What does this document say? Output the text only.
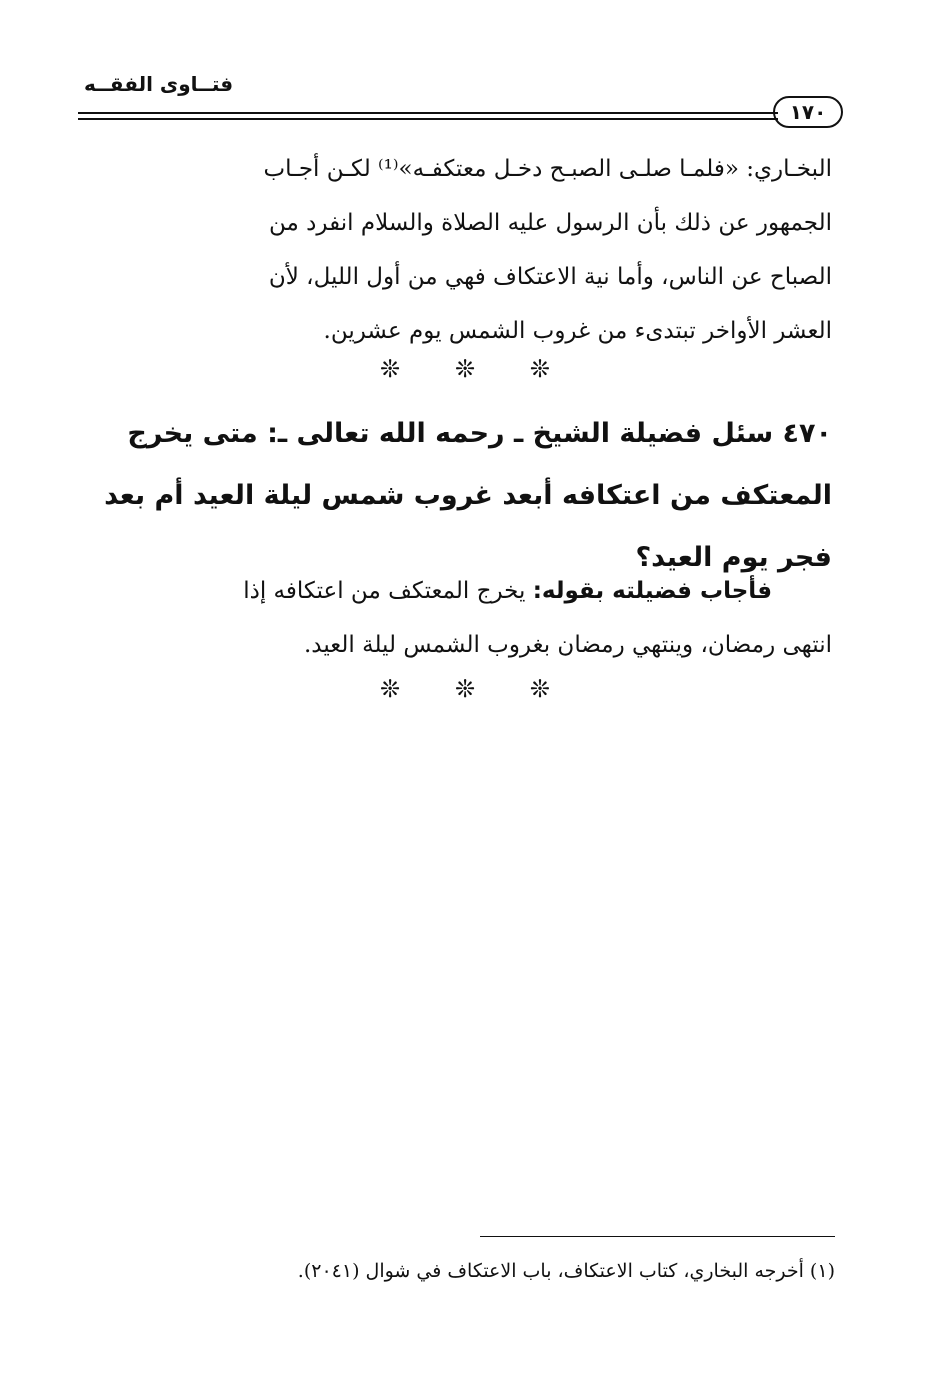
فتــاوى الفقــه
١٧٠
البخـاري: «فلمـا صلـى الصبـح دخـل معتكفـه»⁽¹⁾ لكـن أجـاب
الجمهور عن ذلك بأن الرسول عليه الصلاة والسلام انفرد من
الصباح عن الناس، وأما نية الاعتكاف فهي من أول الليل، لأن
العشر الأواخر تبتدىء من غروب الشمس يوم عشرين.
❊ ❊ ❊
٤٧٠ سئل فضيلة الشيخ ـ رحمه الله تعالى ـ: متى يخرج
المعتكف من اعتكافه أبعد غروب شمس ليلة العيد أم بعد
فجر يوم العيد؟
فأجاب فضيلته بقوله: يخرج المعتكف من اعتكافه إذا
انتهى رمضان، وينتهي رمضان بغروب الشمس ليلة العيد.
❊ ❊ ❊
(١) أخرجه البخاري، كتاب الاعتكاف، باب الاعتكاف في شوال (٢٠٤١).
